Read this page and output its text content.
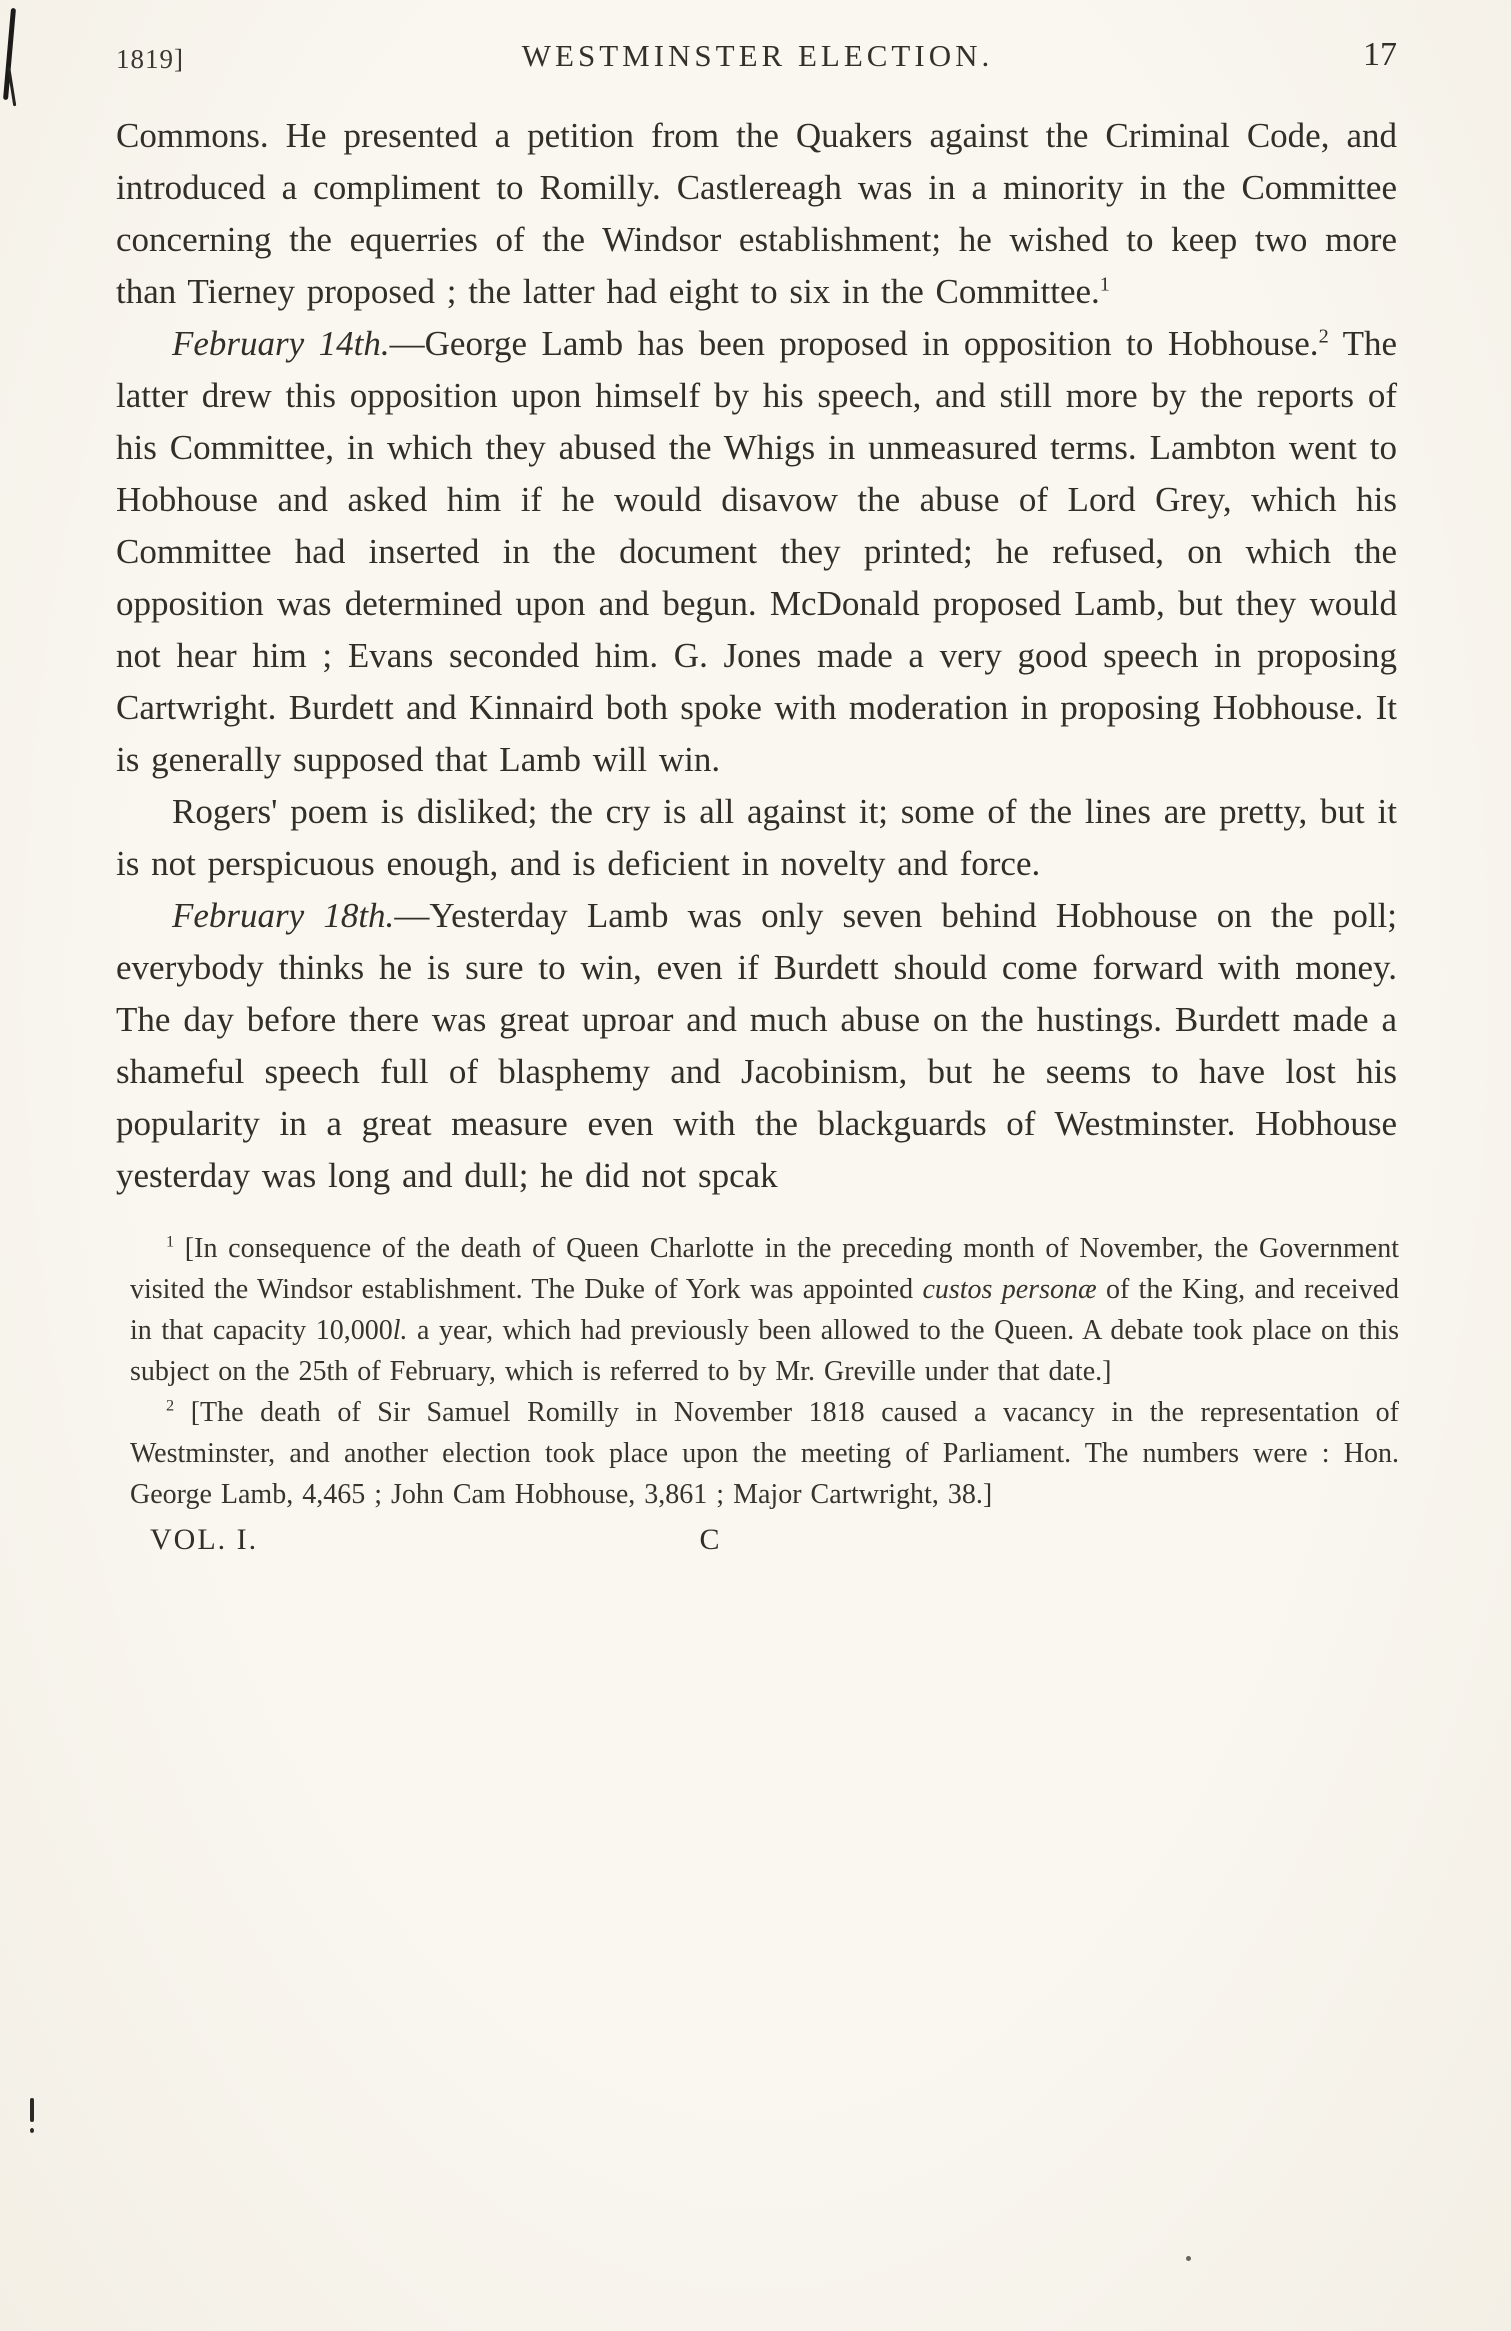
1819]	WESTMINSTER ELECTION.	17

Commons. He presented a petition from the Quakers against the Criminal Code, and introduced a compliment to Romilly. Castlereagh was in a minority in the Committee concerning the equerries of the Windsor establishment; he wished to keep two more than Tierney proposed ; the latter had eight to six in the Committee.$^1$

February 14th.—George Lamb has been proposed in opposition to Hobhouse.$^2$ The latter drew this opposition upon himself by his speech, and still more by the reports of his Committee, in which they abused the Whigs in unmeasured terms. Lambton went to Hobhouse and asked him if he would disavow the abuse of Lord Grey, which his Committee had inserted in the document they printed; he refused, on which the opposition was determined upon and begun. McDonald proposed Lamb, but they would not hear him ; Evans seconded him. G. Jones made a very good speech in proposing Cartwright. Burdett and Kinnaird both spoke with moderation in proposing Hobhouse. It is generally supposed that Lamb will win.

Rogers' poem is disliked; the cry is all against it; some of the lines are pretty, but it is not perspicuous enough, and is deficient in novelty and force.

February 18th.—Yesterday Lamb was only seven behind Hobhouse on the poll; everybody thinks he is sure to win, even if Burdett should come forward with money. The day before there was great uproar and much abuse on the hustings. Burdett made a shameful speech full of blasphemy and Jacobinism, but he seems to have lost his popularity in a great measure even with the blackguards of Westminster. Hobhouse yesterday was long and dull; he did not spcak

$^1$ [In consequence of the death of Queen Charlotte in the preceding month of November, the Government visited the Windsor establishment. The Duke of York was appointed custos personæ of the King, and received in that capacity 10,000l. a year, which had previously been allowed to the Queen. A debate took place on this subject on the 25th of February, which is referred to by Mr. Greville under that date.]

$^2$ [The death of Sir Samuel Romilly in November 1818 caused a vacancy in the representation of Westminster, and another election took place upon the meeting of Parliament. The numbers were : Hon. George Lamb, 4,465 ; John Cam Hobhouse, 3,861 ; Major Cartwright, 38.]

VOL. I.	C
